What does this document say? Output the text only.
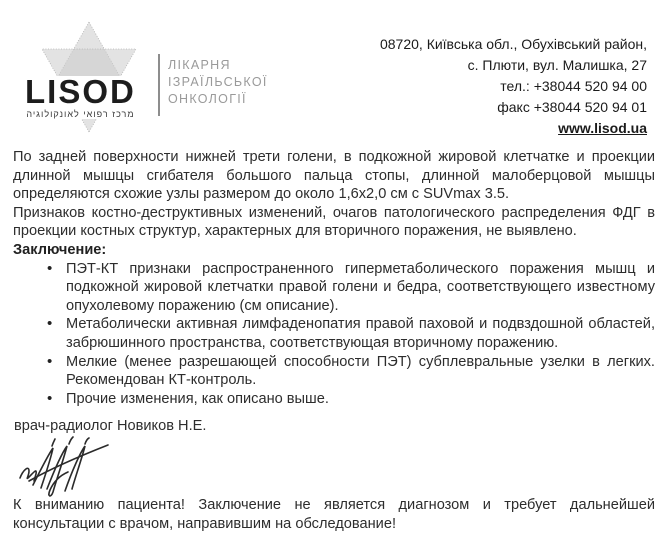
LISOD
מרכז רפואי לאונקולוגיה
ЛІКАРНЯ
ІЗРАЇЛЬСЬКОЇ
ОНКОЛОГІЇ
08720, Київська обл., Обухівський район,
с. Плюти, вул. Малишка, 27
тел.: +38044 520 94 00
факс +38044 520 94 01
www.lisod.ua

По задней поверхности нижней трети голени, в подкожной жировой клетчатке и проекции длинной мышцы сгибателя большого пальца стопы, длинной малоберцовой мышцы определяются схожие узлы размером до около 1,6х2,0 см с SUVmax 3.5.

Признаков костно-деструктивных изменений, очагов патологического распределения ФДГ в проекции костных структур, характерных для вторичного поражения, не выявлено.

Заключение:

• ПЭТ-КТ признаки распространенного гиперметаболического поражения мышц и подкожной жировой клетчатки правой голени и бедра, соответствующего известному опухолевому поражению (см описание).
• Метаболически активная лимфаденопатия правой паховой и подвздошной областей, забрюшинного пространства, соответствующая вторичному поражению.
• Мелкие (менее разрешающей способности ПЭТ) субплевральные узелки в легких. Рекомендован КТ-контроль.
• Прочие изменения, как описано выше.
врач-радиолог Новиков Н.Е.
К вниманию пациента! Заключение не является диагнозом и требует дальнейшей консультации с врачом, направившим на обследование!
